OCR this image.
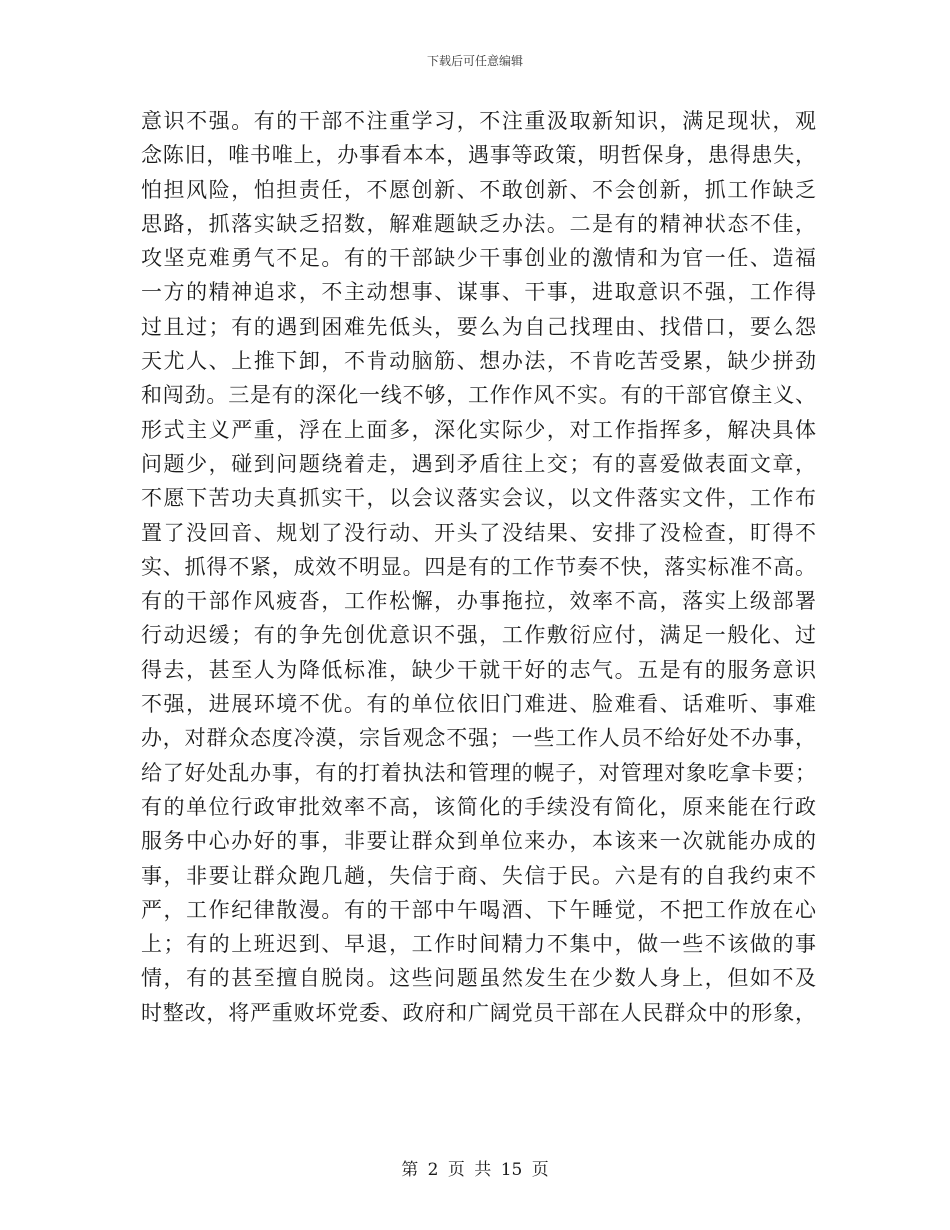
下载后可任意编辑
意识不强。有的干部不注重学习，不注重汲取新知识，满足现状，观
念陈旧，唯书唯上，办事看本本，遇事等政策，明哲保身，患得患失，
怕担风险，怕担责任，不愿创新、不敢创新、不会创新，抓工作缺乏
思路，抓落实缺乏招数，解难题缺乏办法。二是有的精神状态不佳，
攻坚克难勇气不足。有的干部缺少干事创业的激情和为官一任、造福
一方的精神追求，不主动想事、谋事、干事，进取意识不强，工作得
过且过；有的遇到困难先低头，要么为自己找理由、找借口，要么怨
天尤人、上推下卸，不肯动脑筋、想办法，不肯吃苦受累，缺少拼劲
和闯劲。三是有的深化一线不够，工作作风不实。有的干部官僚主义、
形式主义严重，浮在上面多，深化实际少，对工作指挥多，解决具体
问题少，碰到问题绕着走，遇到矛盾往上交；有的喜爱做表面文章，
不愿下苦功夫真抓实干，以会议落实会议，以文件落实文件，工作布
置了没回音、规划了没行动、开头了没结果、安排了没检查，盯得不
实、抓得不紧，成效不明显。四是有的工作节奏不快，落实标准不高。
有的干部作风疲沓，工作松懈，办事拖拉，效率不高，落实上级部署
行动迟缓；有的争先创优意识不强，工作敷衍应付，满足一般化、过
得去，甚至人为降低标准，缺少干就干好的志气。五是有的服务意识
不强，进展环境不优。有的单位依旧门难进、脸难看、话难听、事难
办，对群众态度冷漠，宗旨观念不强；一些工作人员不给好处不办事，
给了好处乱办事，有的打着执法和管理的幌子，对管理对象吃拿卡要；
有的单位行政审批效率不高，该简化的手续没有简化，原来能在行政
服务中心办好的事，非要让群众到单位来办，本该来一次就能办成的
事，非要让群众跑几趟，失信于商、失信于民。六是有的自我约束不
严，工作纪律散漫。有的干部中午喝酒、下午睡觉，不把工作放在心
上；有的上班迟到、早退，工作时间精力不集中，做一些不该做的事
情，有的甚至擅自脱岗。这些问题虽然发生在少数人身上，但如不及
时整改，将严重败坏党委、政府和广阔党员干部在人民群众中的形象，
第 2 页 共 15 页
